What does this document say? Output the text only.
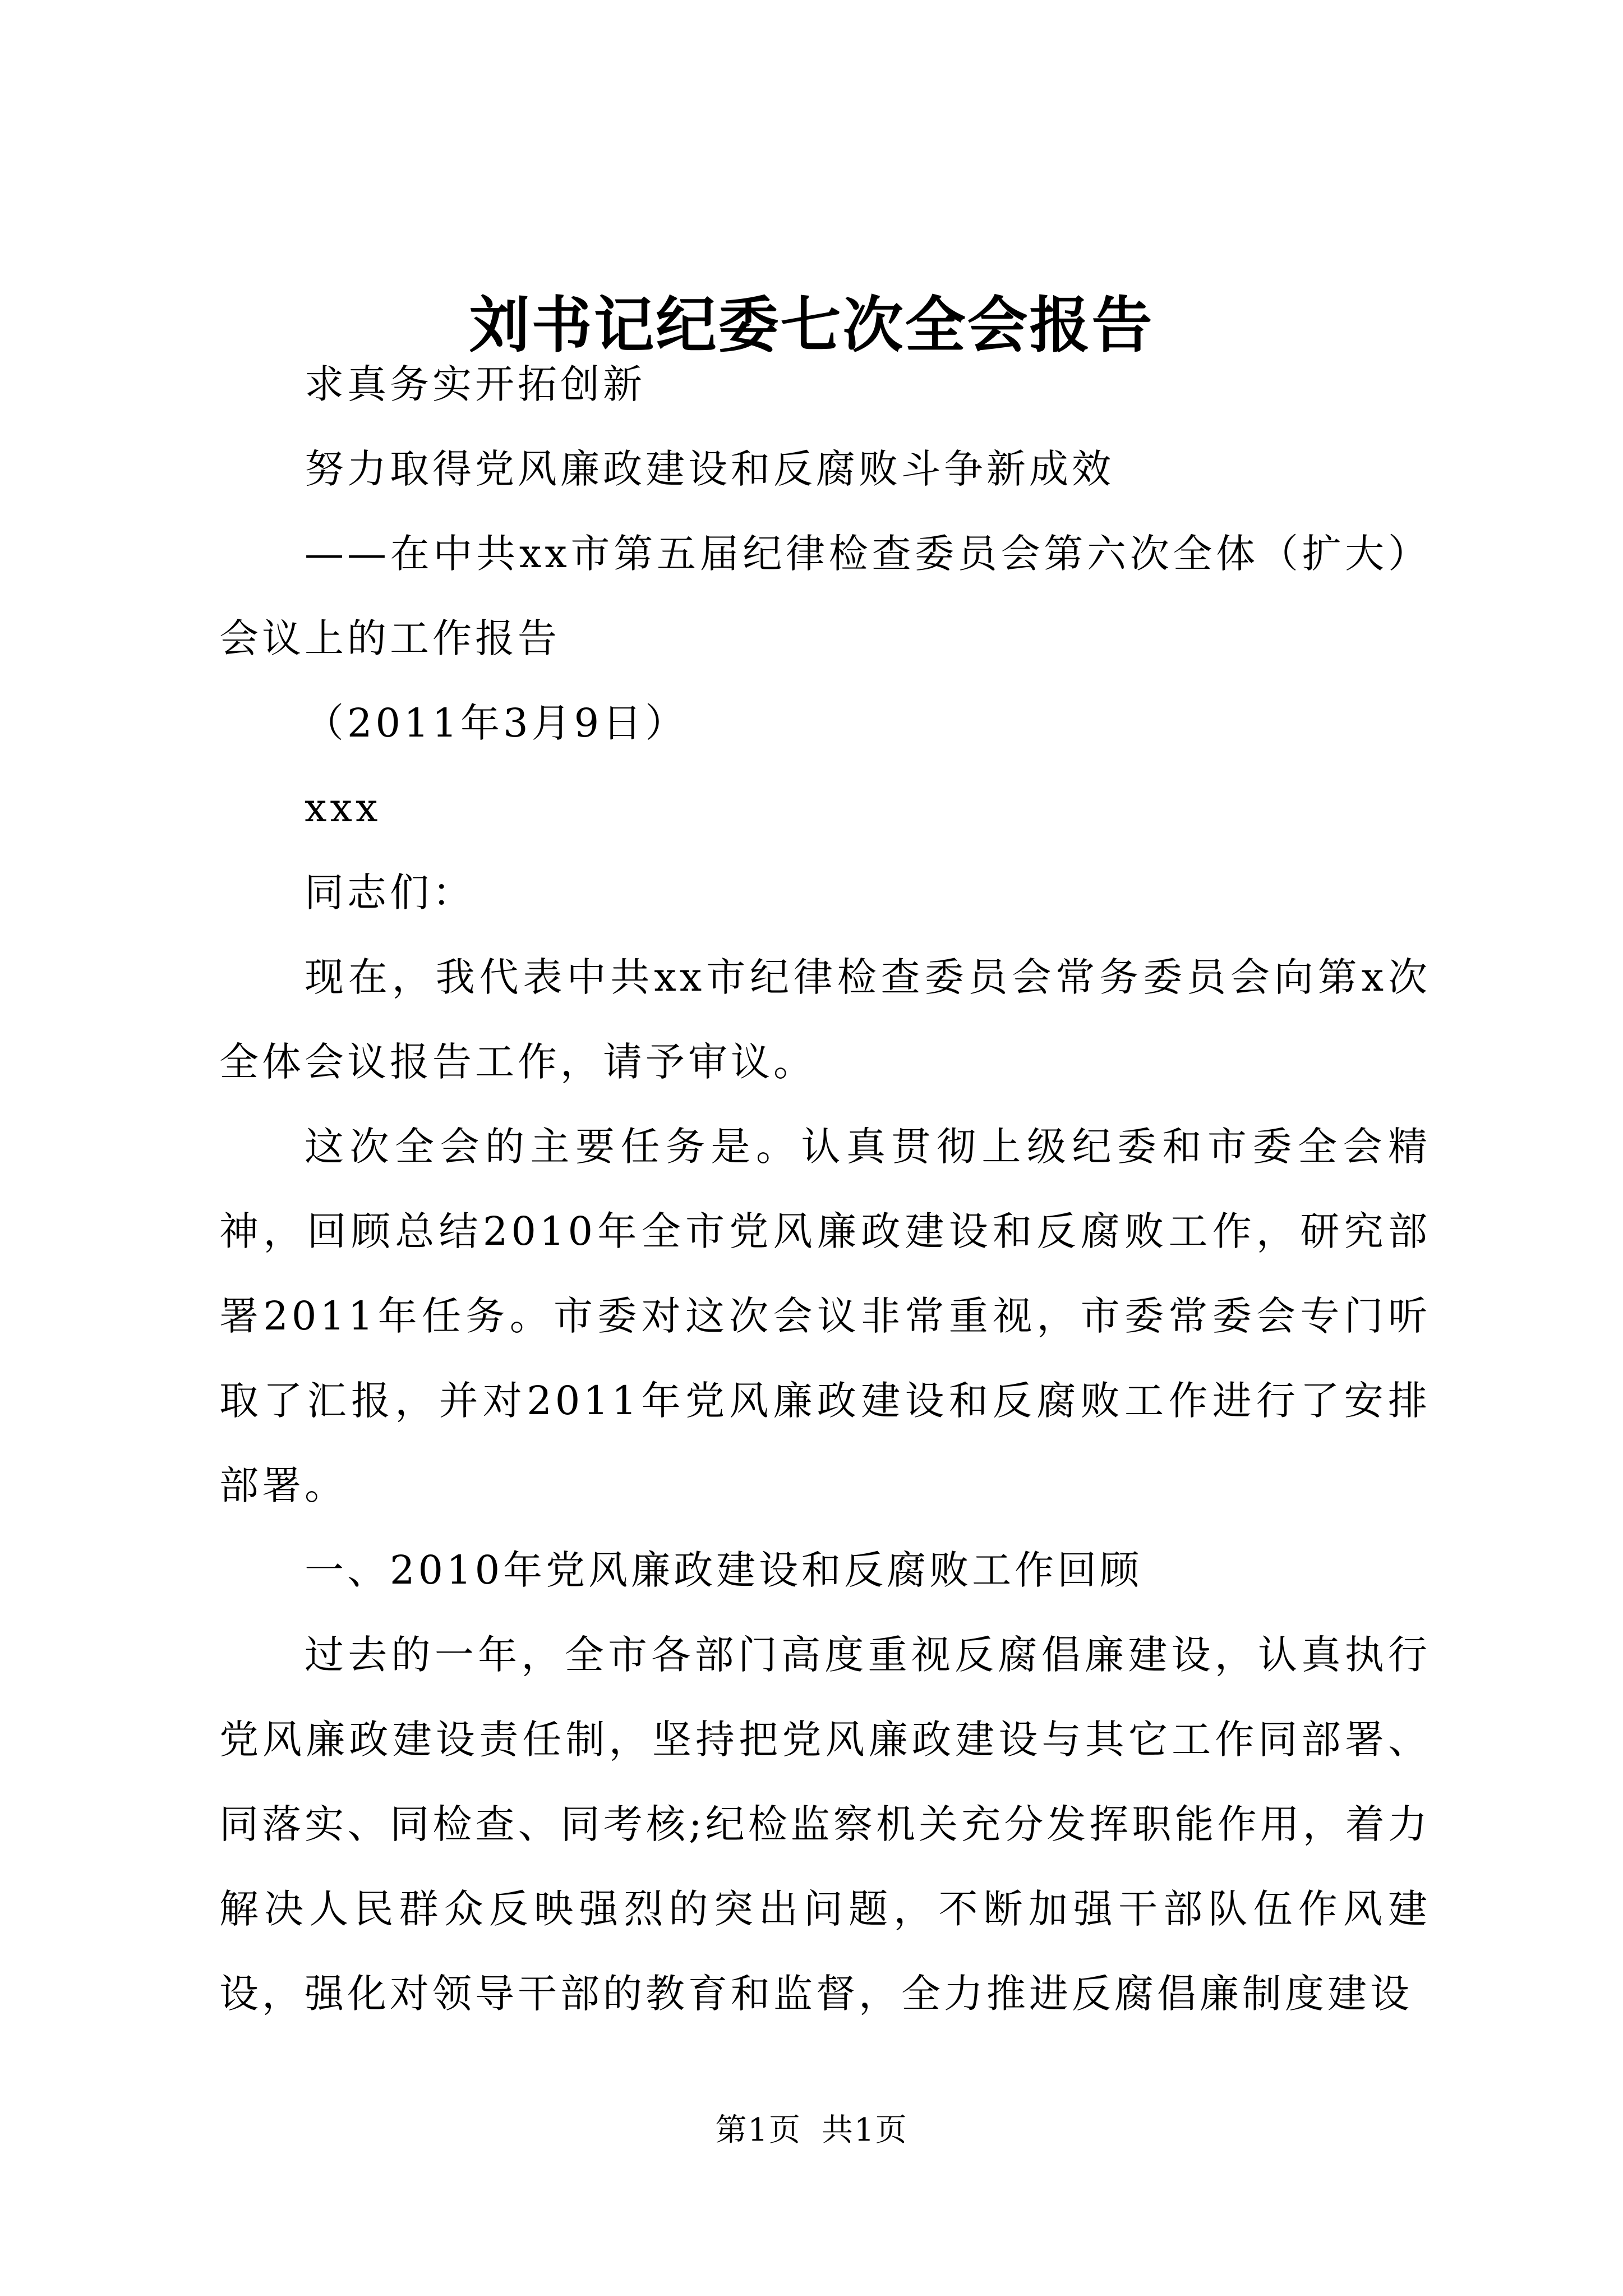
刘书记纪委七次全会报告

求真务实开拓创新

努力取得党风廉政建设和反腐败斗争新成效

——在中共xx市第五届纪律检查委员会第六次全体（扩大）会议上的工作报告

（2011年3月9日）

xxx

同志们：

现在，我代表中共xx市纪律检查委员会常务委员会向第x次全体会议报告工作，请予审议。

这次全会的主要任务是。认真贯彻上级纪委和市委全会精神，回顾总结2010年全市党风廉政建设和反腐败工作，研究部署2011年任务。市委对这次会议非常重视，市委常委会专门听取了汇报，并对2011年党风廉政建设和反腐败工作进行了安排部署。

一、2010年党风廉政建设和反腐败工作回顾

过去的一年，全市各部门高度重视反腐倡廉建设，认真执行党风廉政建设责任制，坚持把党风廉政建设与其它工作同部署、同落实、同检查、同考核;纪检监察机关充分发挥职能作用，着力解决人民群众反映强烈的突出问题，不断加强干部队伍作风建设，强化对领导干部的教育和监督，全力推进反腐倡廉制度建设

第1页 共1页
